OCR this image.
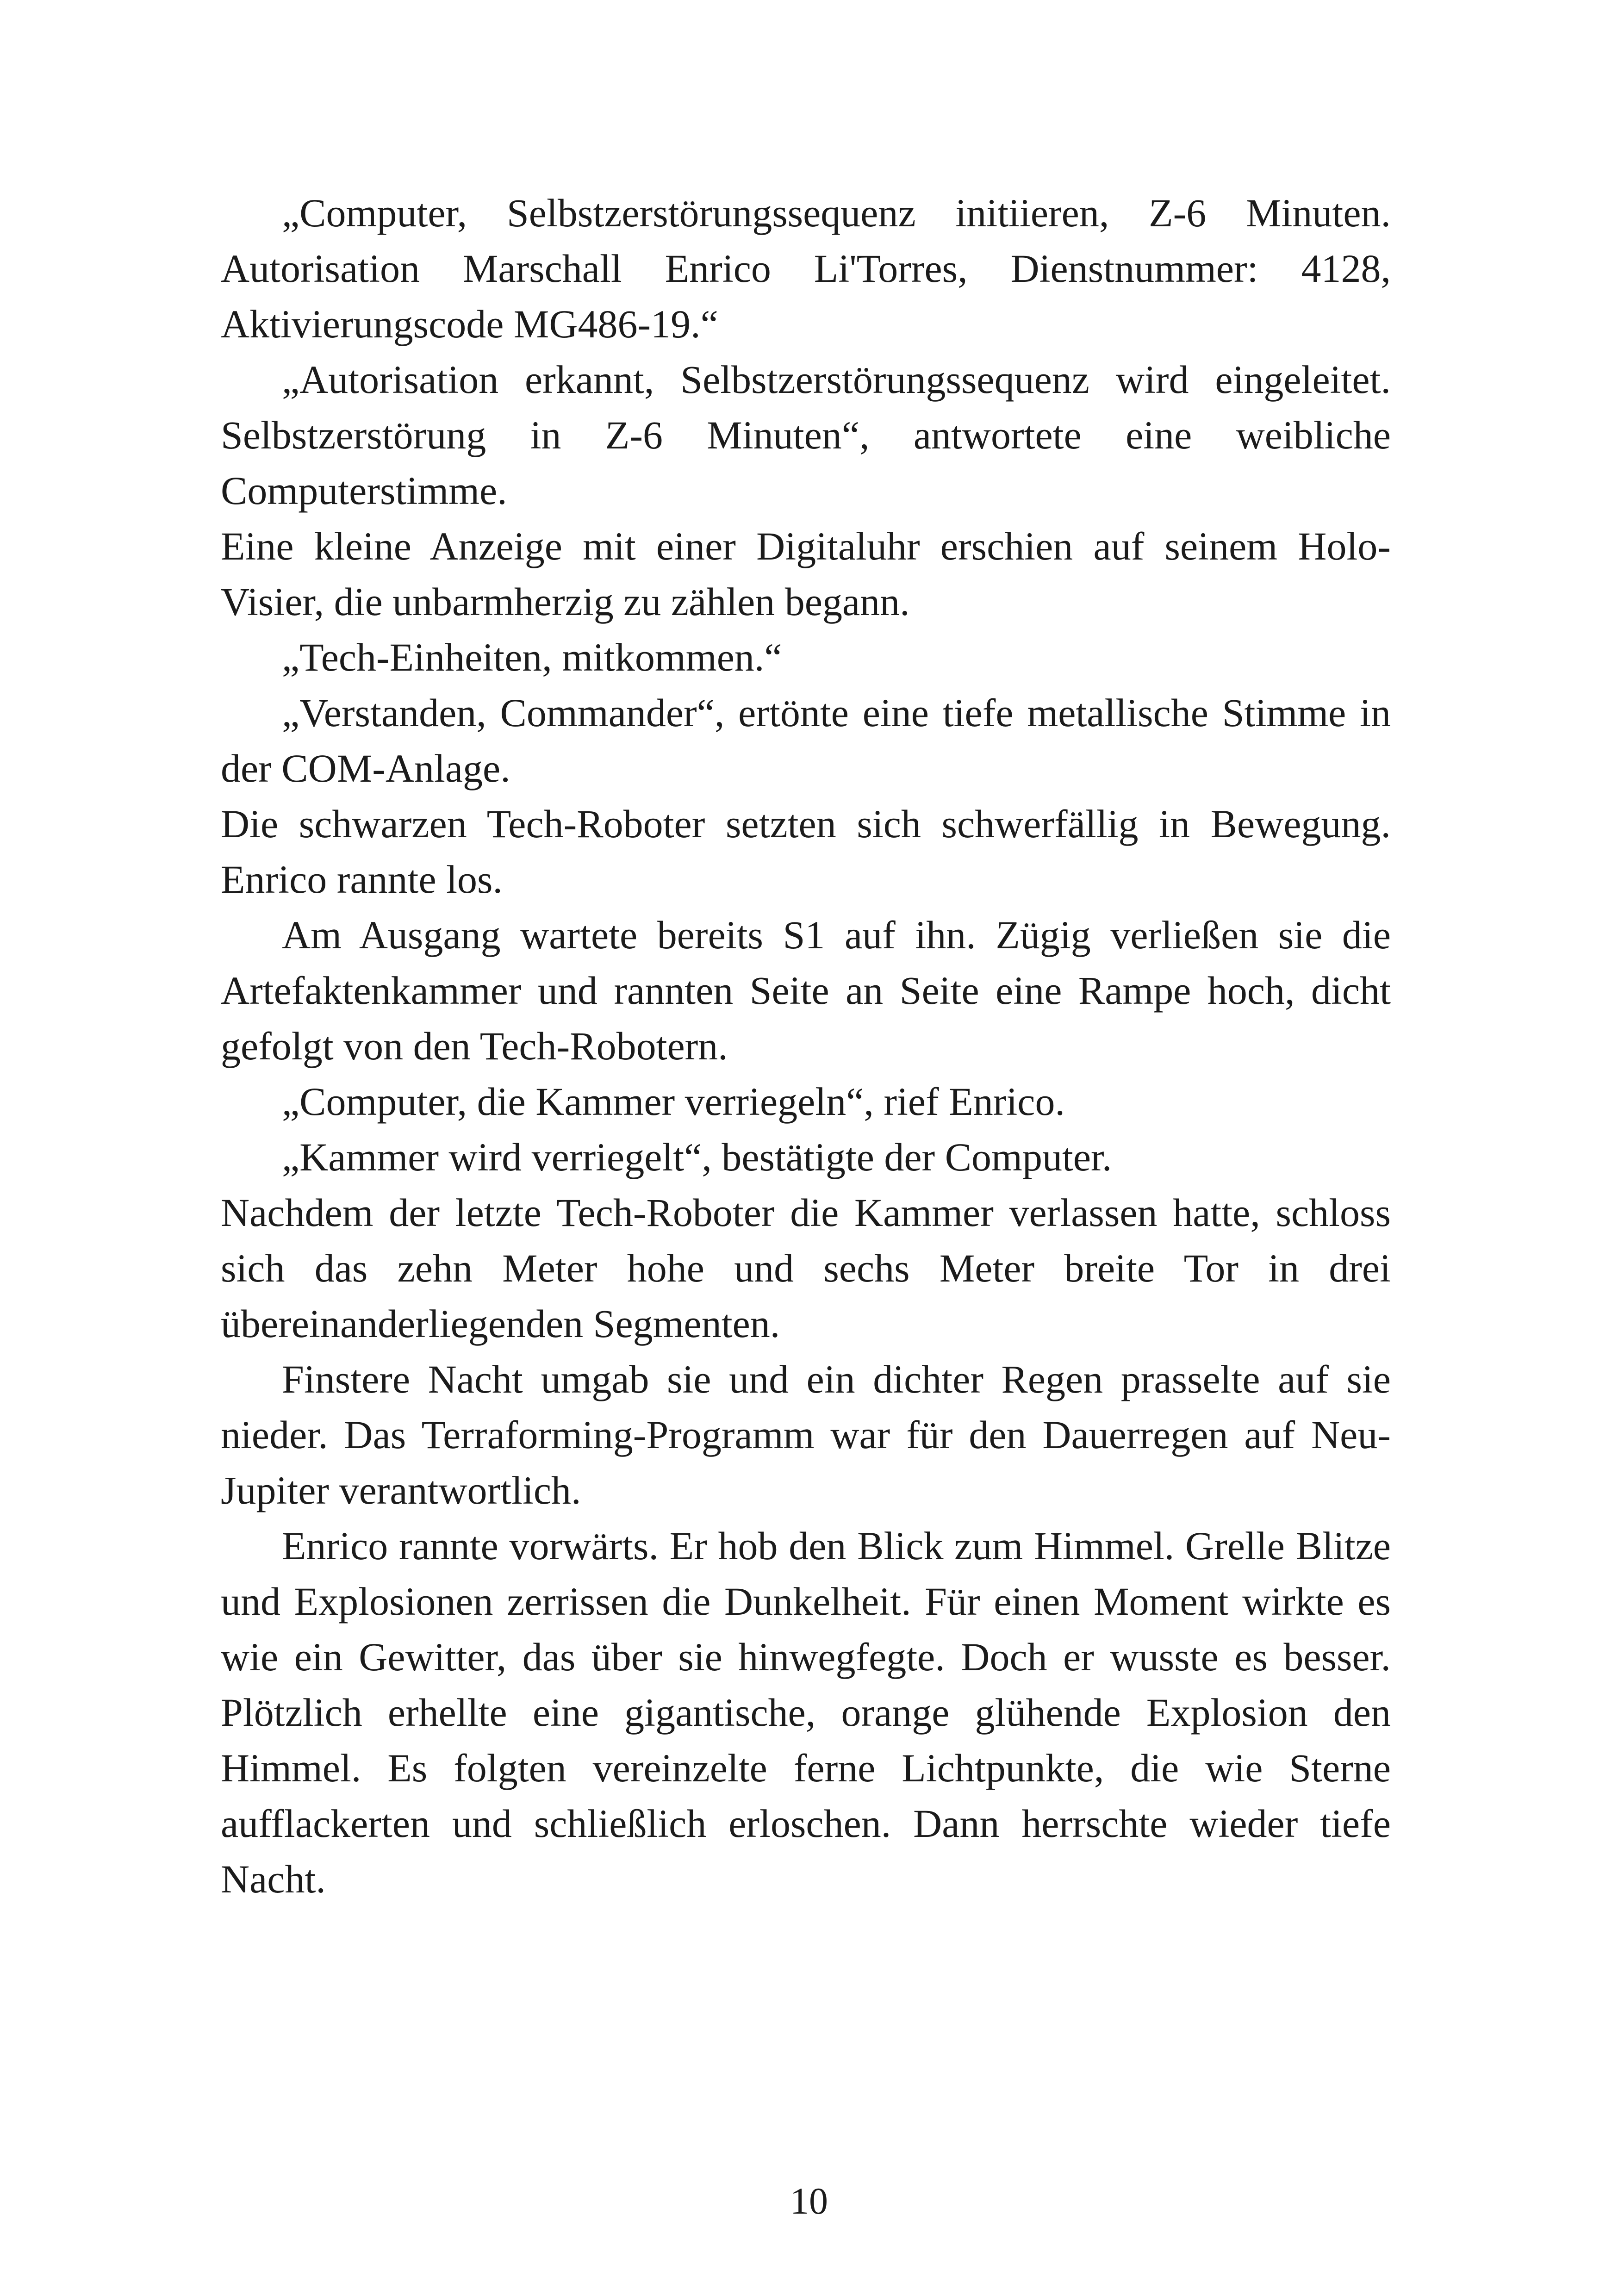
„Computer, Selbstzerstörungssequenz initiieren, Z-6 Minuten. Autorisation Marschall Enrico Li'Torres, Dienstnummer: 4128, Aktivierungscode MG486-19.“

„Autorisation erkannt, Selbstzerstörungssequenz wird eingeleitet. Selbstzerstörung in Z-6 Minuten“, antwortete eine weibliche Computerstimme.

Eine kleine Anzeige mit einer Digitaluhr erschien auf seinem Holo-Visier, die unbarmherzig zu zählen begann.

„Tech-Einheiten, mitkommen.“

„Verstanden, Commander“, ertönte eine tiefe metallische Stimme in der COM-Anlage.

Die schwarzen Tech-Roboter setzten sich schwerfällig in Bewegung. Enrico rannte los.

Am Ausgang wartete bereits S1 auf ihn. Zügig verließen sie die Artefaktenkammer und rannten Seite an Seite eine Rampe hoch, dicht gefolgt von den Tech-Robotern.

„Computer, die Kammer verriegeln“, rief Enrico.

„Kammer wird verriegelt“, bestätigte der Computer.

Nachdem der letzte Tech-Roboter die Kammer verlassen hatte, schloss sich das zehn Meter hohe und sechs Meter breite Tor in drei übereinanderliegenden Segmenten.

Finstere Nacht umgab sie und ein dichter Regen prasselte auf sie nieder. Das Terraforming-Programm war für den Dauerregen auf Neu-Jupiter verantwortlich.

Enrico rannte vorwärts. Er hob den Blick zum Himmel. Grelle Blitze und Explosionen zerrissen die Dunkelheit. Für einen Moment wirkte es wie ein Gewitter, das über sie hinwegfegte. Doch er wusste es besser. Plötzlich erhellte eine gigantische, orange glühende Explosion den Himmel. Es folgten vereinzelte ferne Lichtpunkte, die wie Sterne aufflackerten und schließlich erloschen. Dann herrschte wieder tiefe Nacht.

10
